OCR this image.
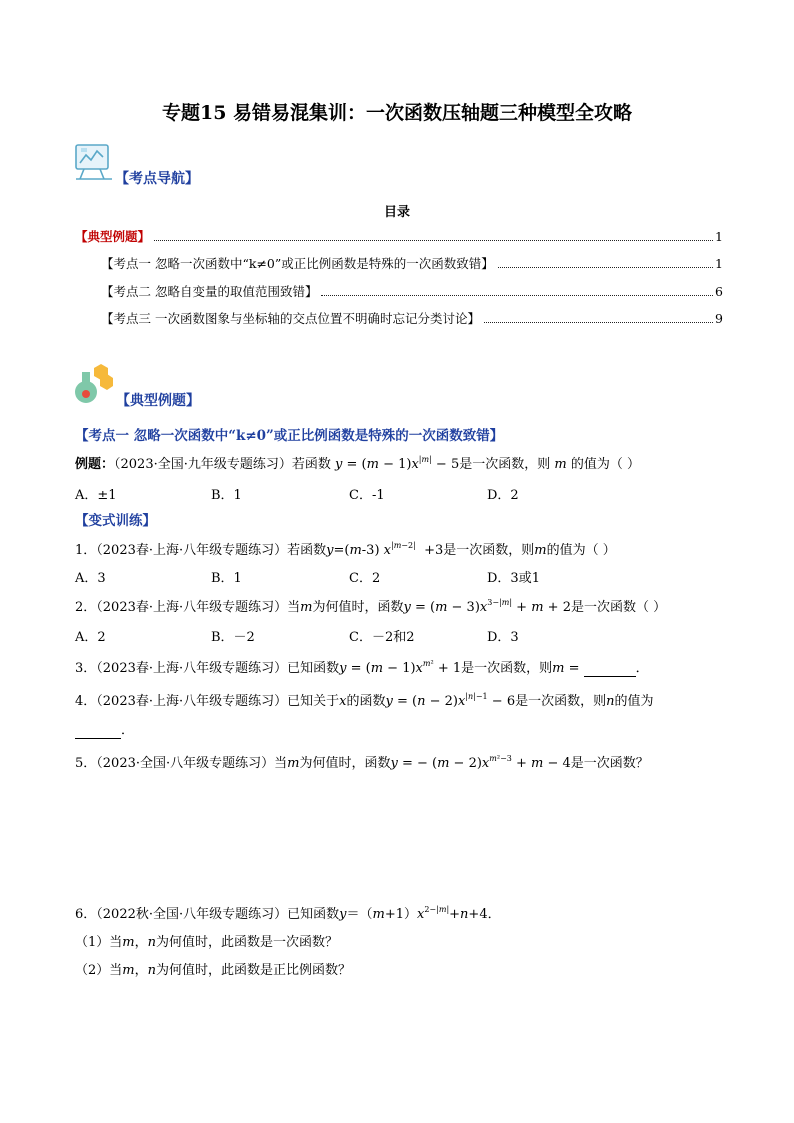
专题15 易错易混集训：一次函数压轴题三种模型全攻略
【考点导航】
目录
【典型例题】	1
【考点一 忽略一次函数中“k≠0”或正比例函数是特殊的一次函数致错】	1
【考点二 忽略自变量的取值范围致错】	6
【考点三 一次函数图象与坐标轴的交点位置不明确时忘记分类讨论】	9
【典型例题】
【考点一 忽略一次函数中“k≠0”或正比例函数是特殊的一次函数致错】
例题：（2023·全国·九年级专题练习）若函数 $y = (m - 1)x^{|m|} - 5$是一次函数，则 m 的值为（ ）
A．±1	B．1	C．-1	D．2
【变式训练】
1．（2023春·上海·八年级专题练习）若函数y=(m-3) $x^{|m-2|} +3$是一次函数，则m的值为（ ）
A．3	B．1	C．2	D．3或1
2．（2023春·上海·八年级专题练习）当m为何值时，函数$y = (m - 3)x^{3-|m|} + m + 2$是一次函数（ ）
A．2	B．－2	C．－2和2	D．3
3．（2023春·上海·八年级专题练习）已知函数$y = (m - 1)x^{m^2} + 1$是一次函数，则m =	．
4．（2023春·上海·八年级专题练习）已知关于x的函数$y = (n - 2)x^{|n|-1} - 6$是一次函数，则n的值为
．
5．（2023·全国·八年级专题练习）当m为何值时，函数y = − $(m - 2)x^{m^2-3} + m - 4$是一次函数？
6．（2022秋·全国·八年级专题练习）已知函数$y=(m+1)x^{2-|m|}+n+4$．
（1）当m，n为何值时，此函数是一次函数？
（2）当m，n为何值时，此函数是正比例函数？
